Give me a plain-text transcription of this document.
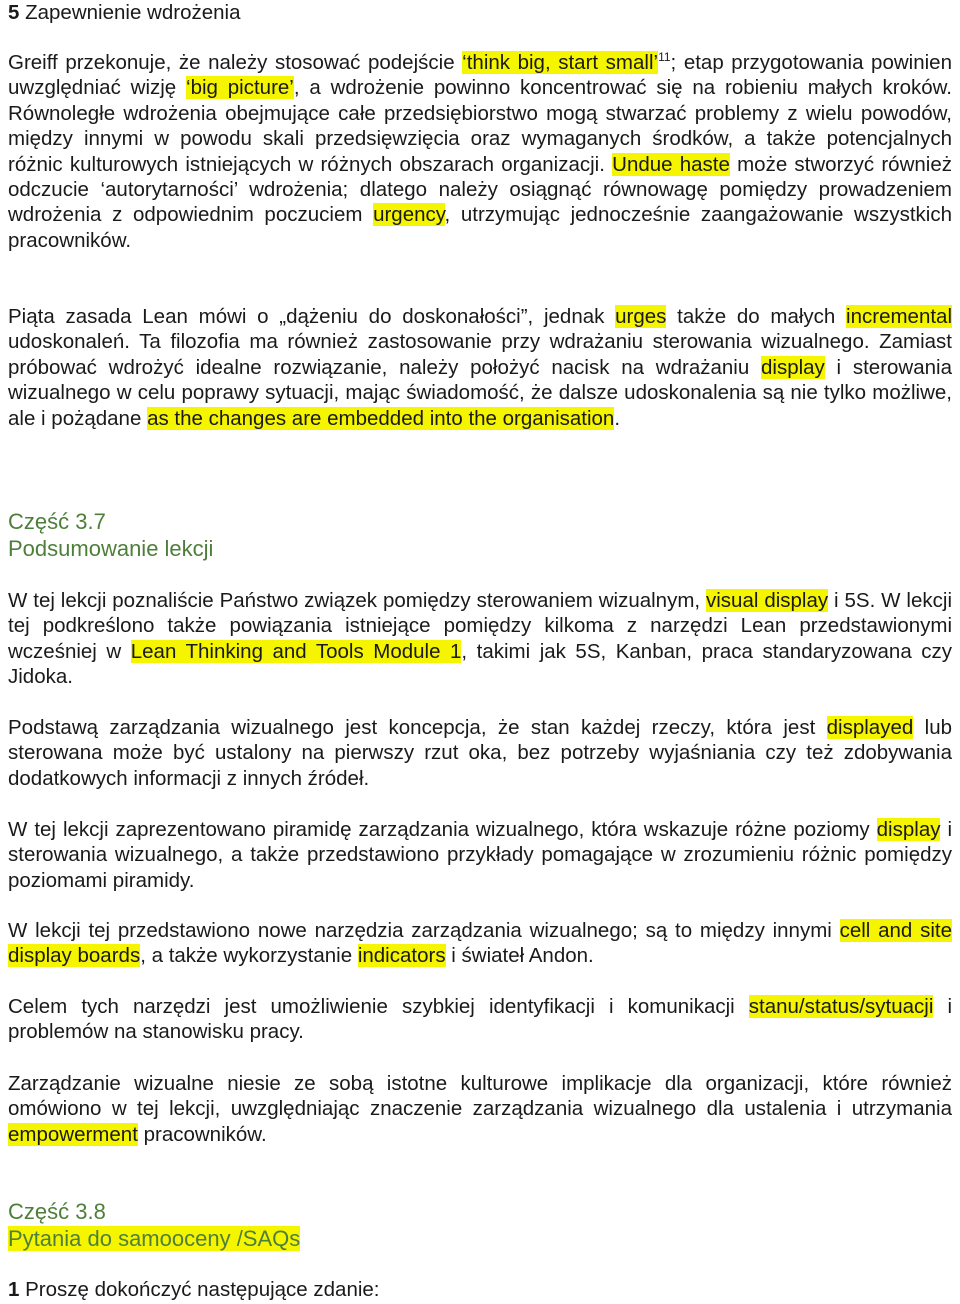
5 Zapewnienie wdrożenia

Greiff przekonuje, że należy stosować podejście ‘think big, start small’$^{11}$; etap przygotowania powinien uwzględniać wizję ‘big picture’, a wdrożenie powinno koncentrować się na robieniu małych kroków. Równoległe wdrożenia obejmujące całe przedsiębiorstwo mogą stwarzać problemy z wielu powodów, między innymi w powodu skali przedsięwzięcia oraz wymaganych środków, a także potencjalnych różnic kulturowych istniejących w różnych obszarach organizacji. Undue haste może stworzyć również odczucie ‘autorytarności’ wdrożenia; dlatego należy osiągnąć równowagę pomiędzy prowadzeniem wdrożenia z odpowiednim poczuciem urgency, utrzymując jednocześnie zaangażowanie wszystkich pracowników.

Piąta zasada Lean mówi o „dążeniu do doskonałości”, jednak urges także do małych incremental udoskonaleń. Ta filozofia ma również zastosowanie przy wdrażaniu sterowania wizualnego. Zamiast próbować wdrożyć idealne rozwiązanie, należy położyć nacisk na wdrażaniu display i sterowania wizualnego w celu poprawy sytuacji, mając świadomość, że dalsze udoskonalenia są nie tylko możliwe, ale i pożądane as the changes are embedded into the organisation.

Część 3.7
Podsumowanie lekcji

W tej lekcji poznaliście Państwo związek pomiędzy sterowaniem wizualnym, visual display i 5S. W lekcji tej podkreślono także powiązania istniejące pomiędzy kilkoma z narzędzi Lean przedstawionymi wcześniej w Lean Thinking and Tools Module 1, takimi jak 5S, Kanban, praca standaryzowana czy Jidoka.

Podstawą zarządzania wizualnego jest koncepcja, że stan każdej rzeczy, która jest displayed lub sterowana może być ustalony na pierwszy rzut oka, bez potrzeby wyjaśniania czy też zdobywania dodatkowych informacji z innych źródeł.

W tej lekcji zaprezentowano piramidę zarządzania wizualnego, która wskazuje różne poziomy display i sterowania wizualnego, a także przedstawiono przykłady pomagające w zrozumieniu różnic pomiędzy poziomami piramidy.

W lekcji tej przedstawiono nowe narzędzia zarządzania wizualnego; są to między innymi cell and site display boards, a także wykorzystanie indicators i świateł Andon.

Celem tych narzędzi jest umożliwienie szybkiej identyfikacji i komunikacji stanu/status/sytuacji i problemów na stanowisku pracy.

Zarządzanie wizualne niesie ze sobą istotne kulturowe implikacje dla organizacji, które również omówiono w tej lekcji, uwzględniając znaczenie zarządzania wizualnego dla ustalenia i utrzymania empowerment pracowników.

Część 3.8
Pytania do samooceny /SAQs

1 Proszę dokończyć następujące zdanie:
